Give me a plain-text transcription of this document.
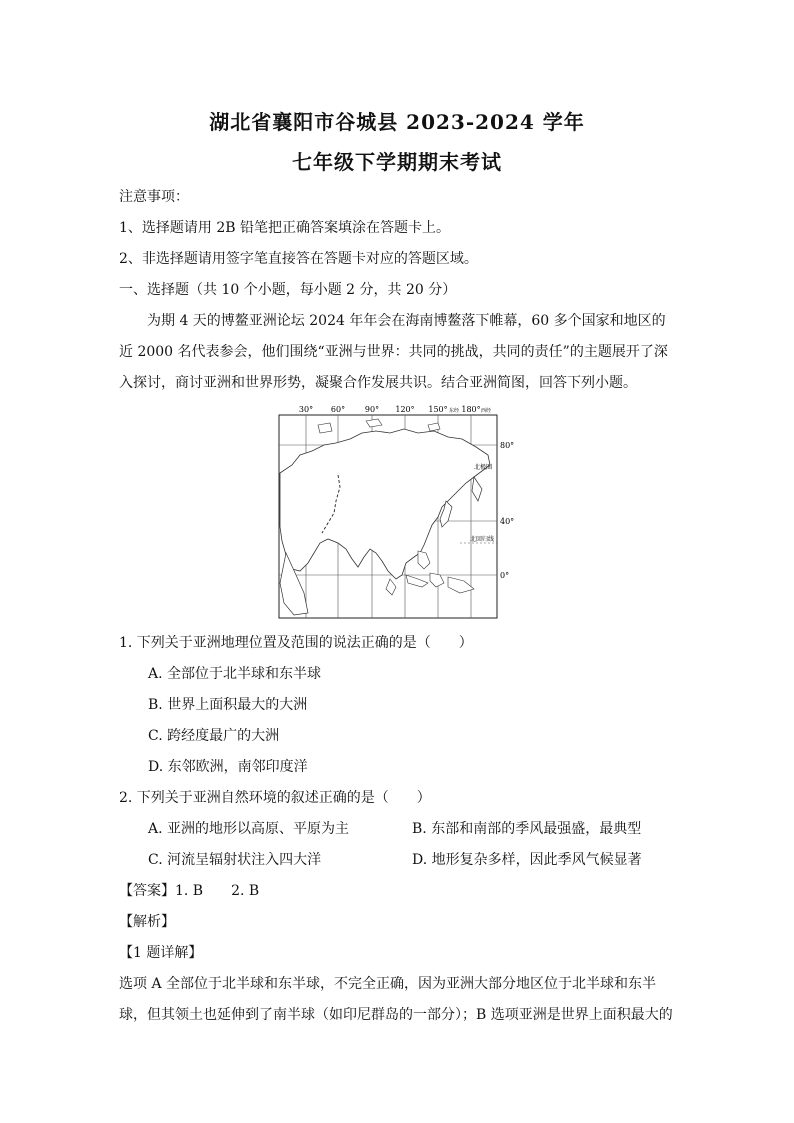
湖北省襄阳市谷城县 2023-2024 学年
七年级下学期期末考试
注意事项：
1、选择题请用 2B 铅笔把正确答案填涂在答题卡上。
2、非选择题请用签字笔直接答在答题卡对应的答题区域。
一、选择题（共 10 个小题，每小题 2 分，共 20 分）
为期 4 天的博鳌亚洲论坛 2024 年年会在海南博鳌落下帷幕，60 多个国家和地区的近 2000 名代表参会，他们围绕“亚洲与世界：共同的挑战，共同的责任”的主题展开了深入探讨，商讨亚洲和世界形势，凝聚合作发展共识。结合亚洲简图，回答下列小题。
30° 60° 90° 120° 150° 东经 180° 西经
80°
40°
0°
北极圈
北回归线
1. 下列关于亚洲地理位置及范围的说法正确的是（　　）
A. 全部位于北半球和东半球
B. 世界上面积最大的大洲
C. 跨经度最广的大洲
D. 东邻欧洲，南邻印度洋
2. 下列关于亚洲自然环境的叙述正确的是（　　）
A. 亚洲的地形以高原、平原为主	B. 东部和南部的季风最强盛，最典型
C. 河流呈辐射状注入四大洋	D. 地形复杂多样，因此季风气候显著
【答案】1. B　　2. B
【解析】
【1 题详解】
选项 A 全部位于北半球和东半球，不完全正确，因为亚洲大部分地区位于北半球和东半球，但其领土也延伸到了南半球（如印尼群岛的一部分）；B 选项亚洲是世界上面积最大的
